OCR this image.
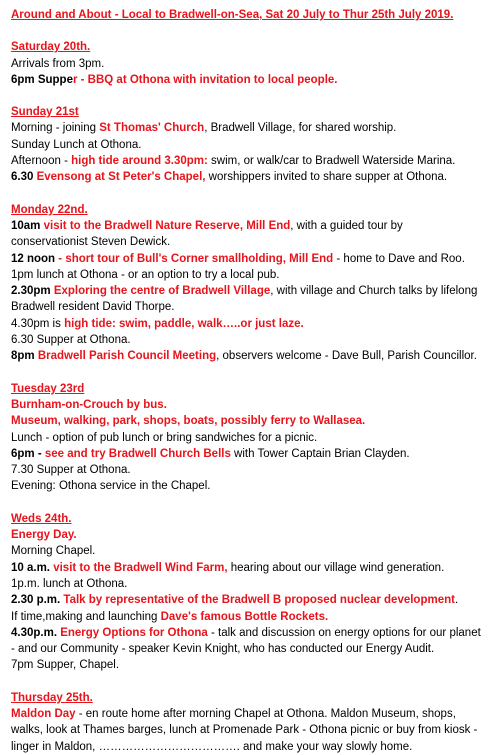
Around and About - Local to Bradwell-on-Sea, Sat 20 July to Thur 25th July 2019.
Saturday 20th.
Arrivals from 3pm.
6pm Supper - BBQ at Othona with invitation to local people.
Sunday 21st
Morning - joining St Thomas' Church, Bradwell Village, for shared worship.
Sunday Lunch at Othona.
Afternoon - high tide around 3.30pm: swim, or walk/car to Bradwell Waterside Marina.
6.30 Evensong at St Peter's Chapel, worshippers invited to share supper at Othona.
Monday 22nd.
10am visit to the Bradwell Nature Reserve, Mill End, with a guided tour by
conservationist Steven Dewick.
12 noon - short tour of Bull's Corner smallholding, Mill End - home to Dave and Roo.
1pm lunch at Othona - or an option to try a local pub.
2.30pm Exploring the centre of Bradwell Village, with village and Church talks by lifelong
Bradwell resident David Thorpe.
4.30pm is high tide: swim, paddle, walk…..or just laze.
6.30 Supper at Othona.
8pm Bradwell Parish Council Meeting, observers welcome - Dave Bull, Parish Councillor.
Tuesday 23rd
Burnham-on-Crouch by bus.
Museum, walking, park, shops, boats, possibly ferry to Wallasea.
Lunch - option of pub lunch or bring sandwiches for a picnic.
6pm - see and try Bradwell Church Bells with Tower Captain Brian Clayden.
7.30 Supper at Othona.
Evening: Othona service in the Chapel.
Weds 24th.
Energy Day.
Morning Chapel.
10 a.m. visit to the Bradwell Wind Farm, hearing about our village wind generation.
1p.m. lunch at Othona.
2.30 p.m. Talk by representative of the Bradwell B proposed nuclear development.
If time,making and launching Dave's famous Bottle Rockets.
4.30p.m. Energy Options for Othona - talk and discussion on energy options for our planet
- and our Community - speaker Kevin Knight, who has conducted our Energy Audit.
7pm Supper, Chapel.
Thursday 25th.
Maldon Day - en route home after morning Chapel at Othona. Maldon Museum, shops,
walks, look at Thames barges, lunch at Promenade Park - Othona picnic or buy from kiosk -
linger in Maldon, ………………………………. and make your way slowly home.
